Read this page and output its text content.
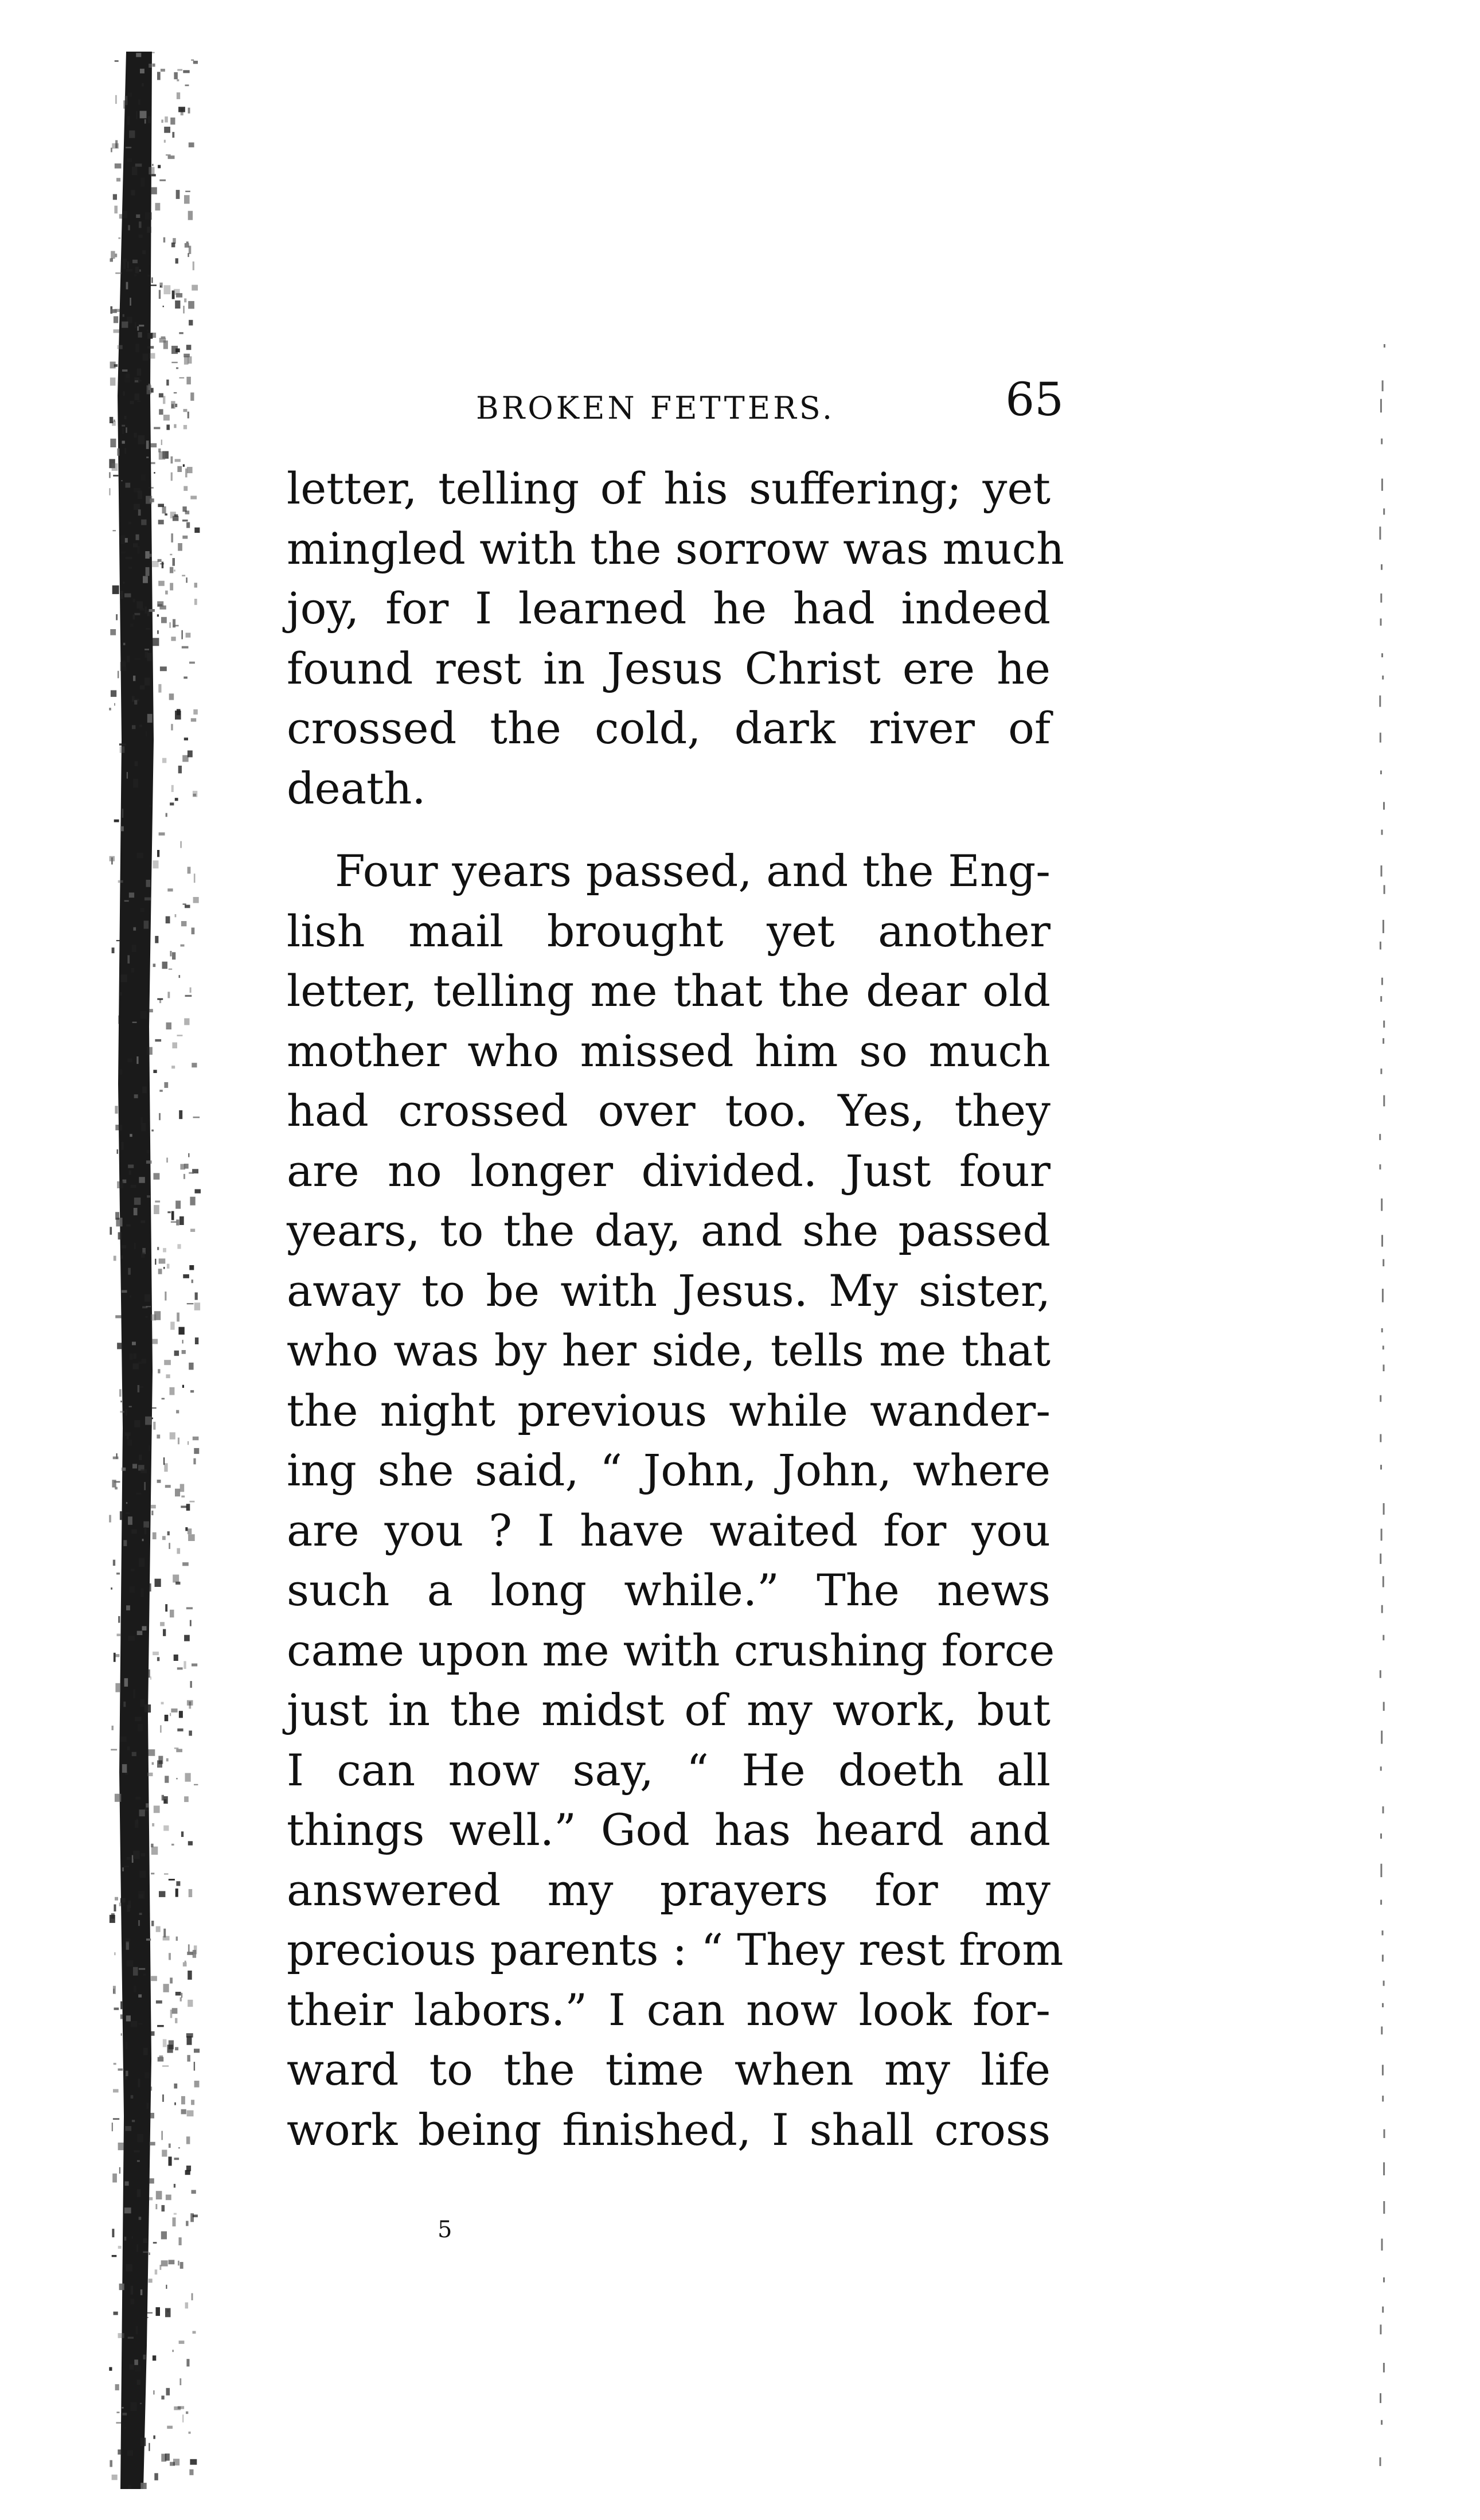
BROKEN FETTERS.	65
letter, telling of his suffering; yet
mingled with the sorrow was much
joy, for I learned he had indeed
found rest in Jesus Christ ere he
crossed the cold, dark river of
death.
Four years passed, and the Eng-
lish mail brought yet another
letter, telling me that the dear old
mother who missed him so much
had crossed over too. Yes, they
are no longer divided. Just four
years, to the day, and she passed
away to be with Jesus. My sister,
who was by her side, tells me that
the night previous while wander-
ing she said, “ John, John, where
are you ? I have waited for you
such a long while.” The news
came upon me with crushing force
just in the midst of my work, but
I can now say, “ He doeth all
things well.” God has heard and
answered my prayers for my
precious parents : “ They rest from
their labors.” I can now look for-
ward to the time when my life
work being finished, I shall cross
5
